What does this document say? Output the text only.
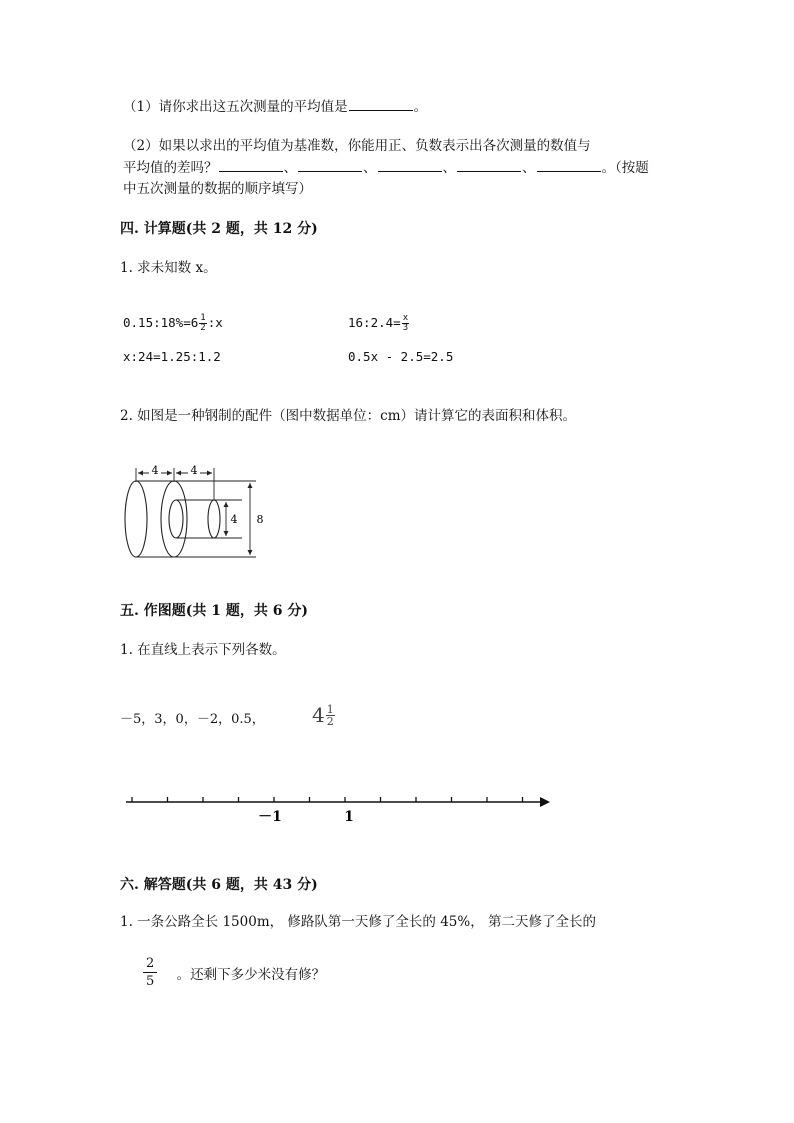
（1）请你求出这五次测量的平均值是	。
（2）如果以求出的平均值为基准数，你能用正、负数表示出各次测量的数值与
平均值的差吗？	、	、	、	、	。（按题
中五次测量的数据的顺序填写）
四. 计算题(共 2 题，共 12 分)
1. 求未知数 x。
0.15:18%=6 $\frac{1}{2}$ :x	16:2.4= $\frac{x}{3}$
x:24=1.25:1.2	0.5x - 2.5=2.5
2. 如图是一种钢制的配件（图中数据单位：cm）请计算它的表面积和体积。
4	4
4 8
五. 作图题(共 1 题，共 6 分)
1. 在直线上表示下列各数。
－5，3，0，－2，0.5， $4 \frac{1}{2}$
－1	1
六. 解答题(共 6 题，共 43 分)
1. 一条公路全长 1500m， 修路队第一天修了全长的 45%， 第二天修了全长的
$\frac{2}{5}$ 。还剩下多少米没有修？
